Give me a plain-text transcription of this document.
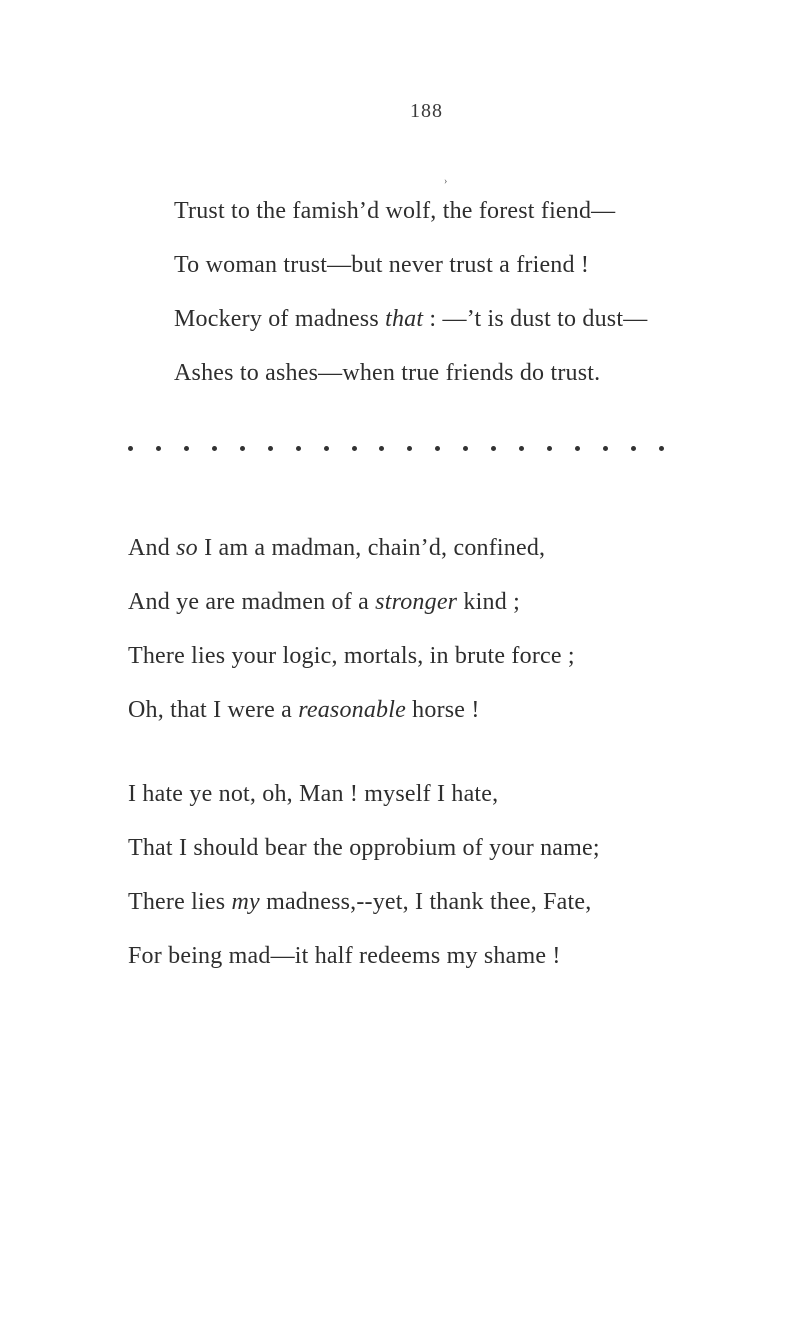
188
›
Trust to the famish’d wolf, the forest fiend—
To woman trust—but never trust a friend !
Mockery of madness that : —’t is dust to dust—
Ashes to ashes—when true friends do trust.
And so I am a madman, chain’d, confined,
And ye are madmen of a stronger kind ;
There lies your logic, mortals, in brute force ;
Oh, that I were a reasonable horse !
I hate ye not, oh, Man ! myself I hate,
That I should bear the opprobium of your name;
There lies my madness,--yet, I thank thee, Fate,
For being mad—it half redeems my shame !
